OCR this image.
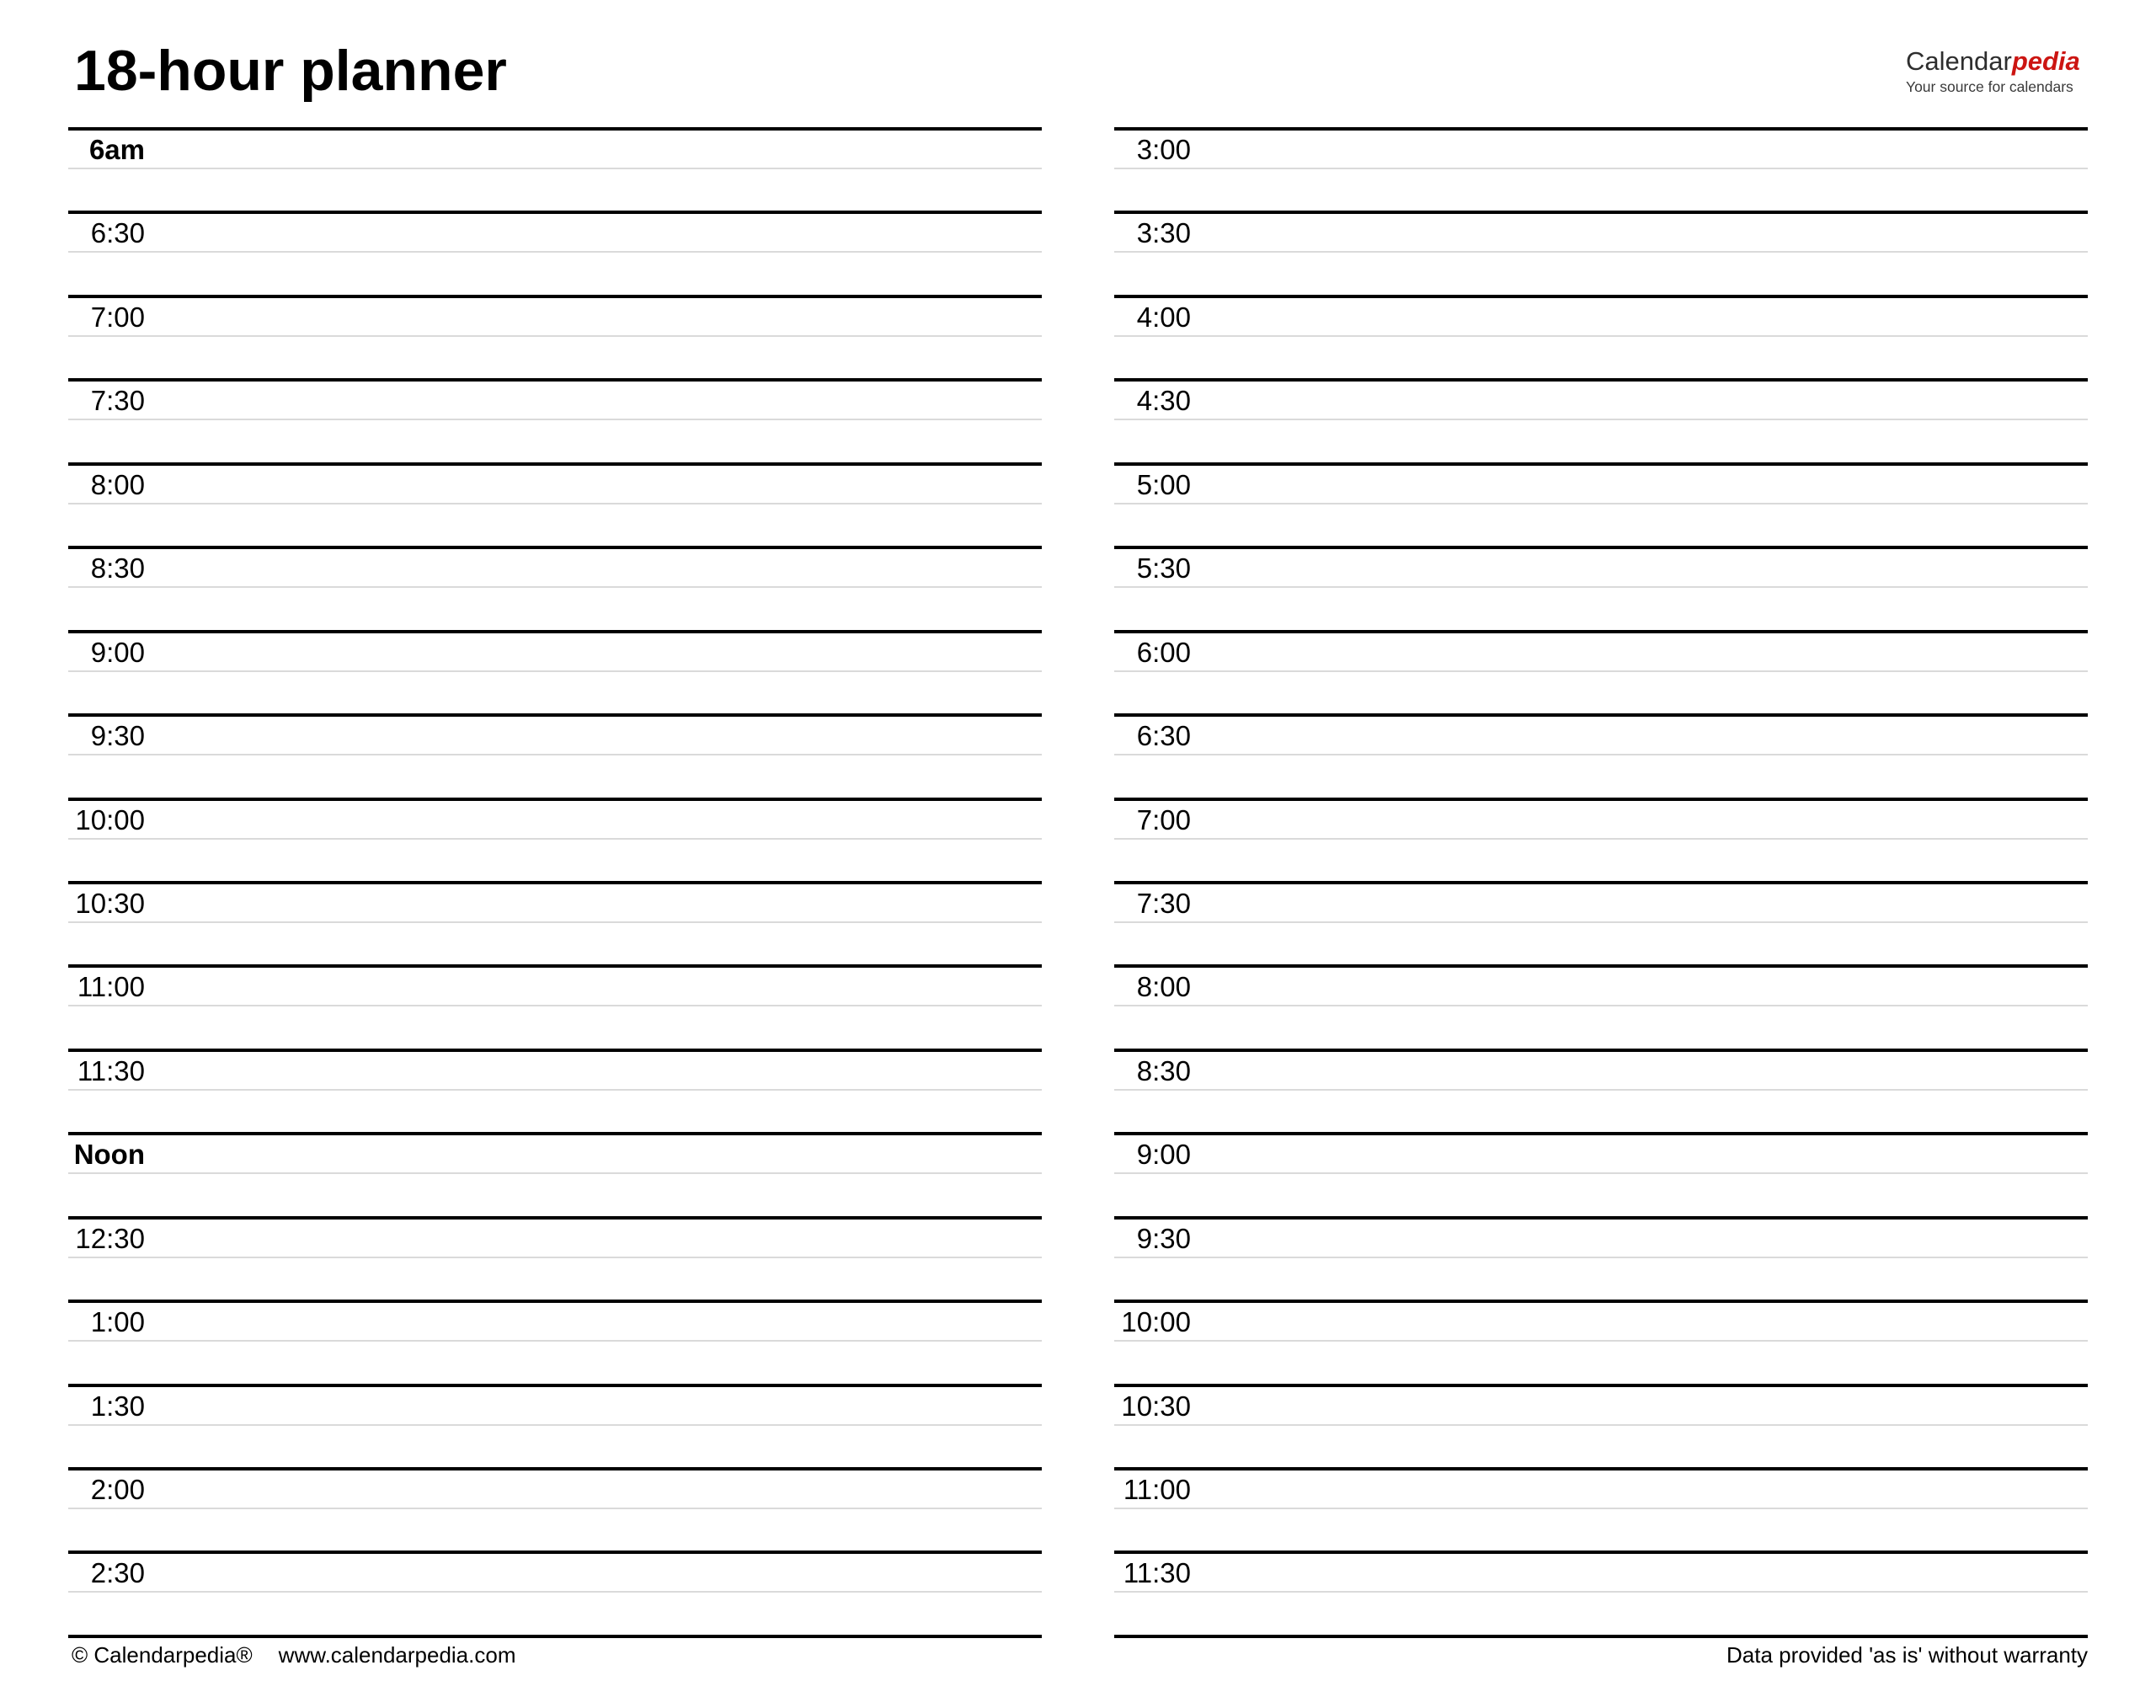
18-hour planner	Calendarpedia
Your source for calendars
6am
6:30
7:00
7:30
8:00
8:30
9:00
9:30
10:00
10:30
11:00
11:30
Noon
12:30
1:00
1:30
2:00
2:30
3:00
3:30
4:00
4:30
5:00
5:30
6:00
6:30
7:00
7:30
8:00
8:30
9:00
9:30
10:00
10:30
11:00
11:30
© Calendarpedia® www.calendarpedia.com	Data provided 'as is' without warranty
